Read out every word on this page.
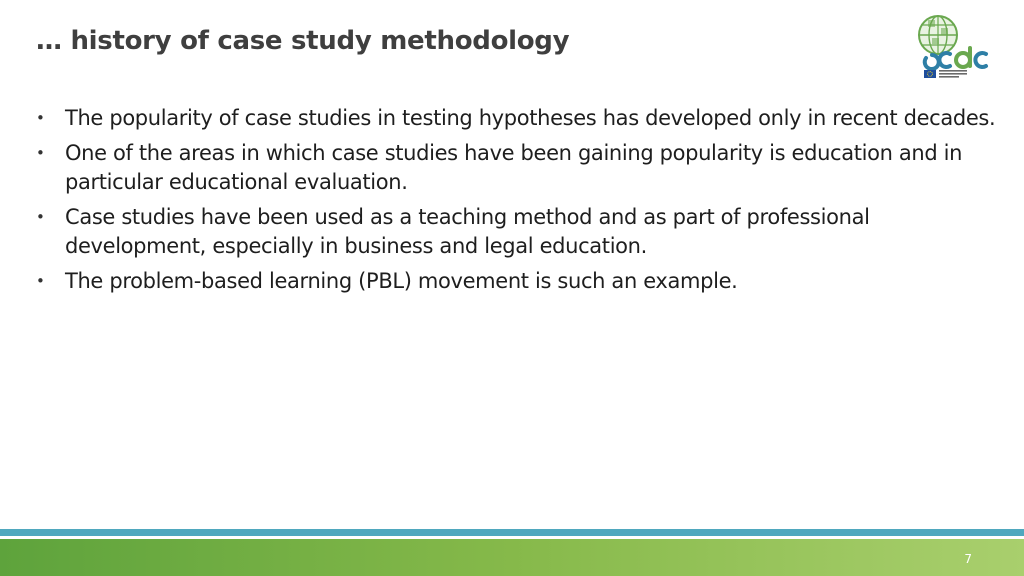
… history of case study methodology
• The popularity of case studies in testing hypotheses has developed only in recent decades.
• One of the areas in which case studies have been gaining popularity is education and in particular educational evaluation.
• Case studies have been used as a teaching method and as part of professional development, especially in business and legal education.
• The problem-based learning (PBL) movement is such an example.
7
